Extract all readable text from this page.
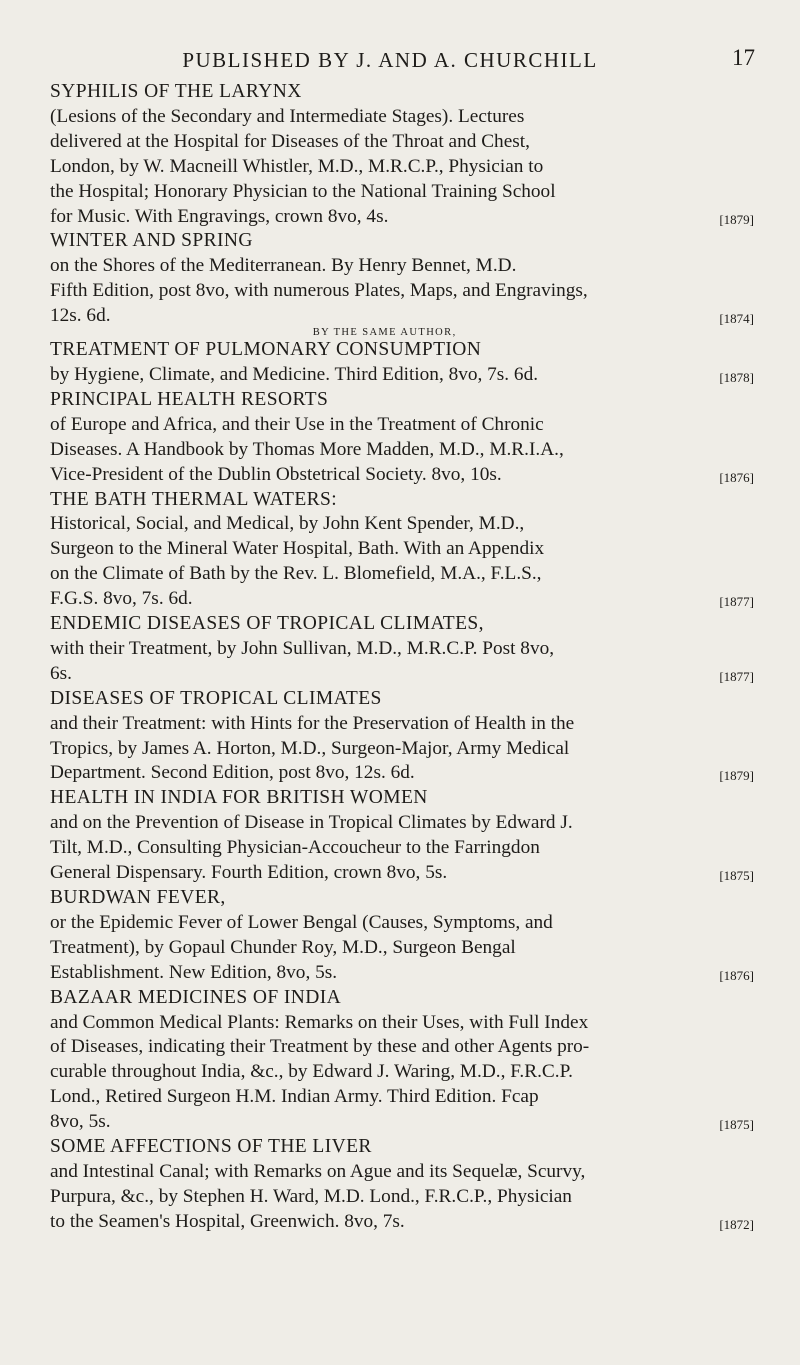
PUBLISHED BY J. AND A. CHURCHILL	17
SYPHILIS OF THE LARYNX
(Lesions of the Secondary and Intermediate Stages). Lectures
delivered at the Hospital for Diseases of the Throat and Chest,
London, by W. Macneill Whistler, M.D., M.R.C.P., Physician to
the Hospital; Honorary Physician to the National Training School
for Music. With Engravings, crown 8vo, 4s.	[1879]
WINTER AND SPRING
on the Shores of the Mediterranean. By Henry Bennet, M.D.
Fifth Edition, post 8vo, with numerous Plates, Maps, and Engravings,
12s. 6d.	[1874]
BY THE SAME AUTHOR,
TREATMENT OF PULMONARY CONSUMPTION
by Hygiene, Climate, and Medicine. Third Edition, 8vo, 7s. 6d.	[1878]
PRINCIPAL HEALTH RESORTS
of Europe and Africa, and their Use in the Treatment of Chronic
Diseases. A Handbook by Thomas More Madden, M.D., M.R.I.A.,
Vice-President of the Dublin Obstetrical Society. 8vo, 10s.	[1876]
THE BATH THERMAL WATERS:
Historical, Social, and Medical, by John Kent Spender, M.D.,
Surgeon to the Mineral Water Hospital, Bath. With an Appendix
on the Climate of Bath by the Rev. L. Blomefield, M.A., F.L.S.,
F.G.S. 8vo, 7s. 6d.	[1877]
ENDEMIC DISEASES OF TROPICAL CLIMATES,
with their Treatment, by John Sullivan, M.D., M.R.C.P. Post 8vo,
6s.	[1877]
DISEASES OF TROPICAL CLIMATES
and their Treatment: with Hints for the Preservation of Health in the
Tropics, by James A. Horton, M.D., Surgeon-Major, Army Medical
Department. Second Edition, post 8vo, 12s. 6d.	[1879]
HEALTH IN INDIA FOR BRITISH WOMEN
and on the Prevention of Disease in Tropical Climates by Edward J.
Tilt, M.D., Consulting Physician-Accoucheur to the Farringdon
General Dispensary. Fourth Edition, crown 8vo, 5s.	[1875]
BURDWAN FEVER,
or the Epidemic Fever of Lower Bengal (Causes, Symptoms, and
Treatment), by Gopaul Chunder Roy, M.D., Surgeon Bengal
Establishment. New Edition, 8vo, 5s.	[1876]
BAZAAR MEDICINES OF INDIA
and Common Medical Plants: Remarks on their Uses, with Full Index
of Diseases, indicating their Treatment by these and other Agents pro-
curable throughout India, &c., by Edward J. Waring, M.D., F.R.C.P.
Lond., Retired Surgeon H.M. Indian Army. Third Edition. Fcap
8vo, 5s.	[1875]
SOME AFFECTIONS OF THE LIVER
and Intestinal Canal; with Remarks on Ague and its Sequelæ, Scurvy,
Purpura, &c., by Stephen H. Ward, M.D. Lond., F.R.C.P., Physician
to the Seamen's Hospital, Greenwich. 8vo, 7s.	[1872]
